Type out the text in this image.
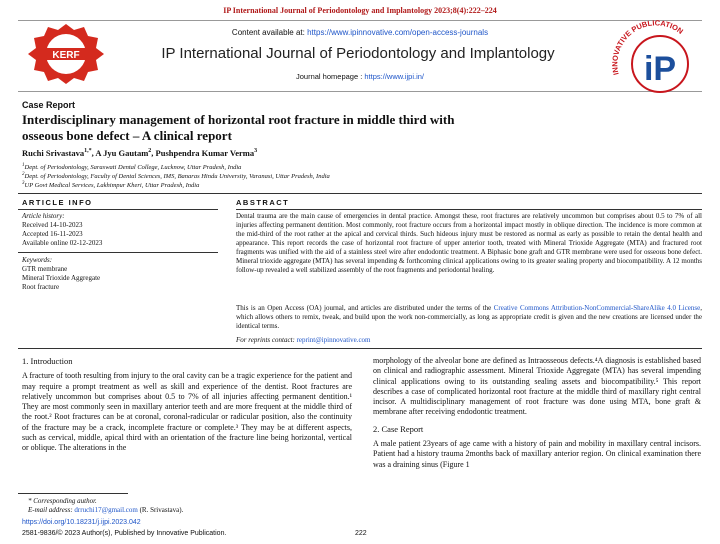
IP International Journal of Periodontology and Implantology 2023;8(4):222–224
KERF
Content available at: https://www.ipinnovative.com/open-access-journals
IP International Journal of Periodontology and Implantology
Journal homepage : https://www.ijpi.in/	INNOVATIVE PUBLICATION
iP
Case Report
Interdisciplinary management of horizontal root fracture in middle third with
osseous bone defect – A clinical report
Ruchi Srivastava$^{1,*}$, A Jyu Gautam$^2$, Pushpendra Kumar Verma$^3$
$^1$Dept. of Periodontology, Saraswati Dental College, Lucknow, Uttar Pradesh, India
$^2$Dept. of Periodontology, Faculty of Dental Sciences, IMS, Banaras Hindu University, Varanasi, Uttar Pradesh, India
$^3$UP Govt Medical Services, Lakhimpur Kheri, Uttar Pradesh, India
ARTICLE INFO
Article history:
Received 14-10-2023
Accepted 16-11-2023
Available online 02-12-2023
Keywords:
GTR membrane
Mineral Trioxide Aggregate
Root fracture
ABSTRACT
Dental trauma are the main cause of emergencies in dental practice. Amongst these, root fractures are relatively uncommon but comprises about 0.5 to 7% of all injuries affecting permanent dentition. Most commonly, root fracture occurs from a horizontal impact mostly in oblique direction. The incidence is more common at the mid-third of the root rather at the apical and cervical thirds. Such hideous injury must be restored as normal as early as possible to retain the dental health and appearance. This report records the case of horizontal root fracture of upper anterior tooth, treated with Mineral Trioxide Aggregate (MTA) and fractured root fragments was unified with the aid of a stainless steel wire after endodontic treatment. A Biphasic bone graft and GTR membrane were used for osseous bone defect. Mineral trioxide aggregate (MTA) has several impending & forthcoming clinical applications owing to its greater sealing property and biocompatibility. A 12 months follow-up revealed a well stabilized assembly of the root fragments and periodontal healing.
This is an Open Access (OA) journal, and articles are distributed under the terms of the Creative Commons Attribution-NonCommercial-ShareAlike 4.0 License, which allows others to remix, tweak, and build upon the work non-commercially, as long as appropriate credit is given and the new creations are licensed under the identical terms.
For reprints contact: reprint@ipinnovative.com
1. Introduction
A fracture of tooth resulting from injury to the oral cavity can be a tragic experience for the patient and may require a prompt treatment as well as skill and experience of the dentist. Root fractures are relatively uncommon but comprises about 0.5 to 7% of all injuries affecting permanent dentition.¹ They are most commonly seen in maxillary anterior teeth and are more frequent at the middle third of the root.² Root fractures can be at coronal, coronal-radicular or radicular position, also the continuity of the fracture may be a crack, incomplete fracture or complete.³ They may be at different aspects, such as cervical, middle, apical third with an orientation of the fracture line being horizontal, vertical or oblique. The alterations in the
* Corresponding author.
E-mail address: drruchi17@gmail.com (R. Srivastava).
morphology of the alveolar bone are defined as Intraosseous defects.⁴A diagnosis is established based on clinical and radiographic assessment. Mineral Trioxide Aggregate (MTA) has several impending clinical applications owing to its outstanding sealing assets and biocompatibility.⁵ This report describes a case of complicated horizontal root fracture at the middle third of maxillary right central incisor. A multidisciplinary management of root fracture was done using MTA, bone graft & membrane after receiving endodontic treatment.
2. Case Report
A male patient 23years of age came with a history of pain and mobility in maxillary central incisors. Patient had a history trauma 2months back of maxillary anterior region. On clinical examination there was a draining sinus (Figure 1
https://doi.org/10.18231/j.ijpi.2023.042
2581-9836/© 2023 Author(s), Published by Innovative Publication.	222
